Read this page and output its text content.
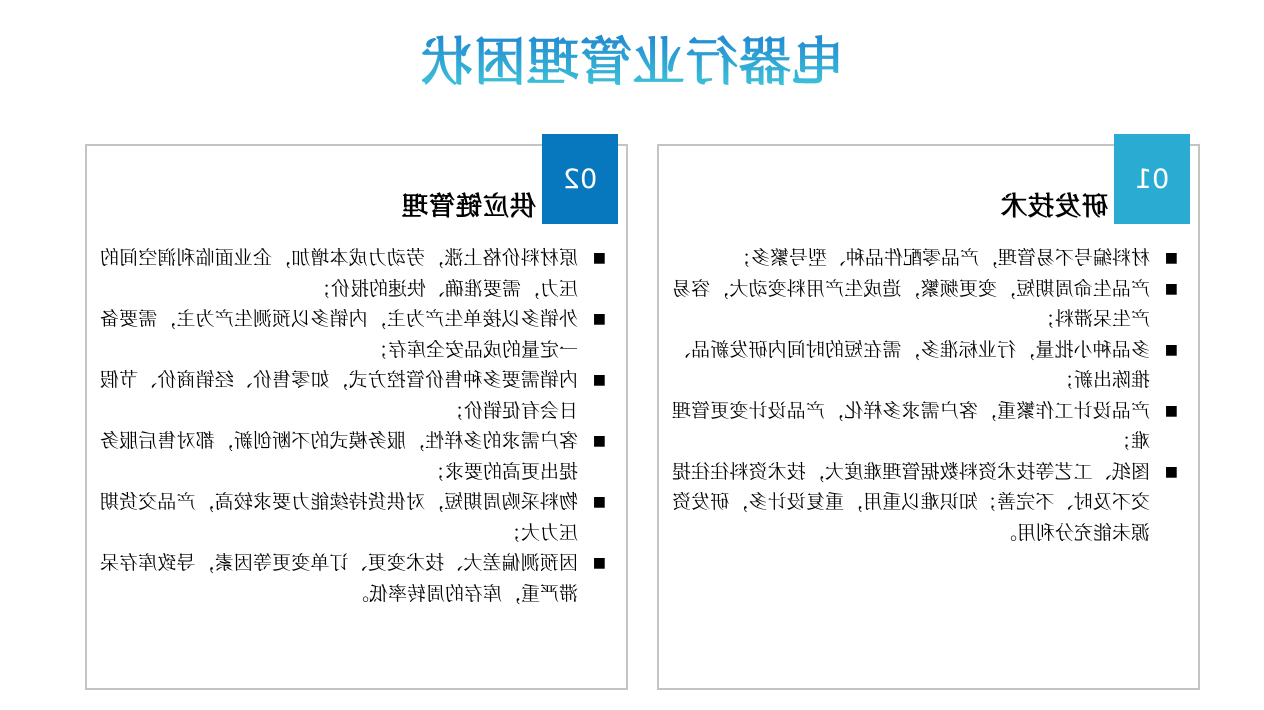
电器行业管理困状
01
研发技术
■
材料编号不易管理，产品零配件品种、型号繁多；
■
产品生命周期短，变更频繁，造成生产用料变动大，容易产生呆滞料；
■
多品种小批量，行业标准多，需在短的时间内研发新品、推陈出新；
■
产品设计工作繁重，客户需求多样化，产品设计变更管理难；
■
图纸、工艺等技术资料数据管理难度大，技术资料往往提交不及时、不完善；知识难以重用，重复设计多，研发资源未能充分利用。
02
供应链管理
■
原材料价格上涨，劳动力成本增加，企业面临利润空间的压力，需要准确、快速的报价；
■
外销多以接单生产为主，内销多以预测生产为主，需要备一定量的成品安全库存；
■
内销需要多种售价管控方式，如零售价、经销商价、节假日会有促销价；
■
客户需求的多样性，服务模式的不断创新，都对售后服务提出更高的要求；
■
物料采购周期短，对供货持续能力要求较高，产品交货期压力大；
■
因预测偏差大、技术变更、订单变更等因素，导致库存呆滞严重，库存的周转率低。
